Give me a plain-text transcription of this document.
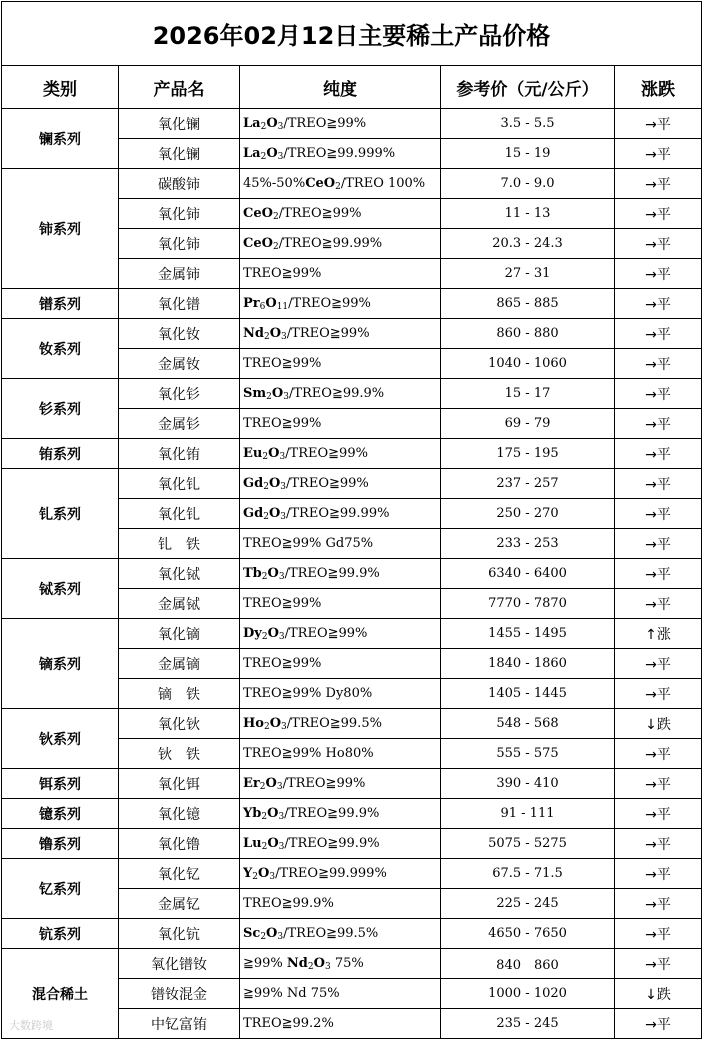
2026年02月12日主要稀土产品价格				
类别	产品名	纯度	参考价（元/公斤）	涨跌
镧系列	氧化镧	$La_2O_3/TREO≧99\%$	3.5 - 5.5	→平
	氧化镧	$La_2O_3/TREO≧99.999\%$	15 - 19	→平
铈系列	碳酸铈	45%-50%CeO$_2$/TREO 100%	7.0 - 9.0	→平
	氧化铈	CeO$_2$/TREO≧99%	11 - 13	→平
	氧化铈	CeO$_2$/TREO≧99.99%	20.3 - 24.3	→平
	金属铈	TREO≧99%	27 - 31	→平
镨系列	氧化镨	$Pr_6O_{11}/TREO≧99\%$	865 - 885	→平
钕系列	氧化钕	$Nd_2O_3/TREO≧99\%$	860 - 880	→平
	金属钕	TREO≧99%	1040 - 1060	→平
钐系列	氧化钐	$Sm_2O_3/TREO≧99.9\%$	15 - 17	→平
	金属钐	TREO≧99%	69 - 79	→平
铕系列	氧化铕	$Eu_2O_3/TREO≧99\%$	175 - 195	→平
钆系列	氧化钆	$Gd_2O_3/TREO≧99\%$	237 - 257	→平
	氧化钆	$Gd_2O_3/TREO≧99.99\%$	250 - 270	→平
	钆　铁	TREO≧99% Gd75%	233 - 253	→平
铽系列	氧化铽	$Tb_2O_3/TREO≧99.9\%$	6340 - 6400	→平
	金属铽	TREO≧99%	7770 - 7870	→平
镝系列	氧化镝	$Dy_2O_3/TREO≧99\%$	1455 - 1495	↑涨
	金属镝	TREO≧99%	1840 - 1860	→平
	镝　铁	TREO≧99% Dy80%	1405 - 1445	→平
钬系列	氧化钬	$Ho_2O_3/TREO≧99.5\%$	548 - 568	↓跌
	钬　铁	TREO≧99% Ho80%	555 - 575	→平
铒系列	氧化铒	$Er_2O_3/TREO≧99\%$	390 - 410	→平
镱系列	氧化镱	$Yb_2O_3/TREO≧99.9\%$	91 - 111	→平
镥系列	氧化镥	$Lu_2O_3/TREO≧99.9\%$	5075 - 5275	→平
钇系列	氧化钇	$Y_2O_3/TREO≧99.999\%$	67.5 - 71.5	→平
	金属钇	TREO≧99.9%	225 - 245	→平
钪系列	氧化钪	$Sc_2O_3/TREO≧99.5\%$	4650 - 7650	→平
混合稀土	氧化镨钕	≧99% $Nd_2O_3$ 75%	840　860	→平
	镨钕混金	≧99% Nd 75%	1000 - 1020	↓跌
	中钇富铕	TREO≧99.2%	235 - 245	→平
大数跨境
